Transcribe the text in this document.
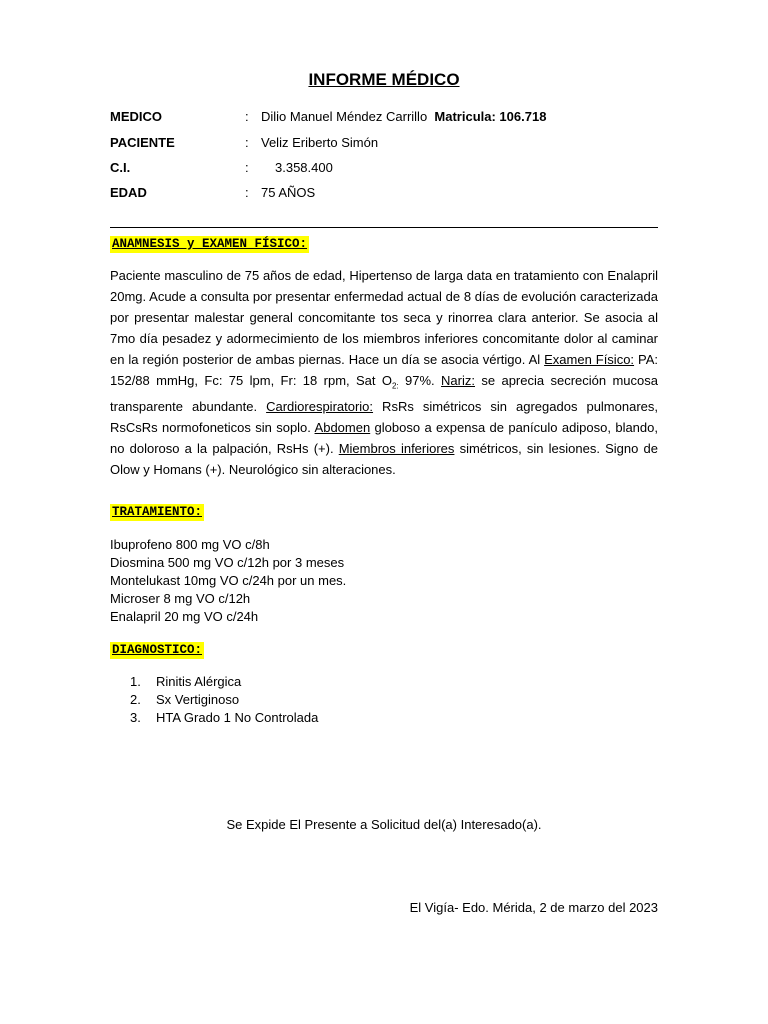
INFORME MÉDICO
MEDICO	: Dilio Manuel Méndez Carrillo Matricula: 106.718
PACIENTE	: Veliz Eriberto Simón
C.I.	: 3.358.400
EDAD	: 75 AÑOS
ANAMNESIS y EXAMEN FÍSICO:
Paciente masculino de 75 años de edad, Hipertenso de larga data en tratamiento con Enalapril 20mg. Acude a consulta por presentar enfermedad actual de 8 días de evolución caracterizada por presentar malestar general concomitante tos seca y rinorrea clara anterior. Se asocia al 7mo día pesadez y adormecimiento de los miembros inferiores concomitante dolor al caminar en la región posterior de ambas piernas. Hace un día se asocia vértigo. Al Examen Físico: PA: 152/88 mmHg, Fc: 75 lpm, Fr: 18 rpm, Sat $O_{2:}$ 97%. Nariz: se aprecia secreción mucosa transparente abundante. Cardiorespiratorio: RsRs simétricos sin agregados pulmonares, RsCsRs normofoneticos sin soplo. Abdomen globoso a expensa de panículo adiposo, blando, no doloroso a la palpación, RsHs (+). Miembros inferiores simétricos, sin lesiones. Signo de Olow y Homans (+). Neurológico sin alteraciones.
TRATAMIENTO:
Ibuprofeno 800 mg VO c/8h
Diosmina 500 mg VO c/12h por 3 meses
Montelukast 10mg VO c/24h por un mes.
Microser 8 mg VO c/12h
Enalapril 20 mg VO c/24h
DIAGNOSTICO:
1. Rinitis Alérgica
2. Sx Vertiginoso
3. HTA Grado 1 No Controlada
Se Expide El Presente a Solicitud del(a) Interesado(a).
El Vigía- Edo. Mérida, 2 de marzo del 2023
